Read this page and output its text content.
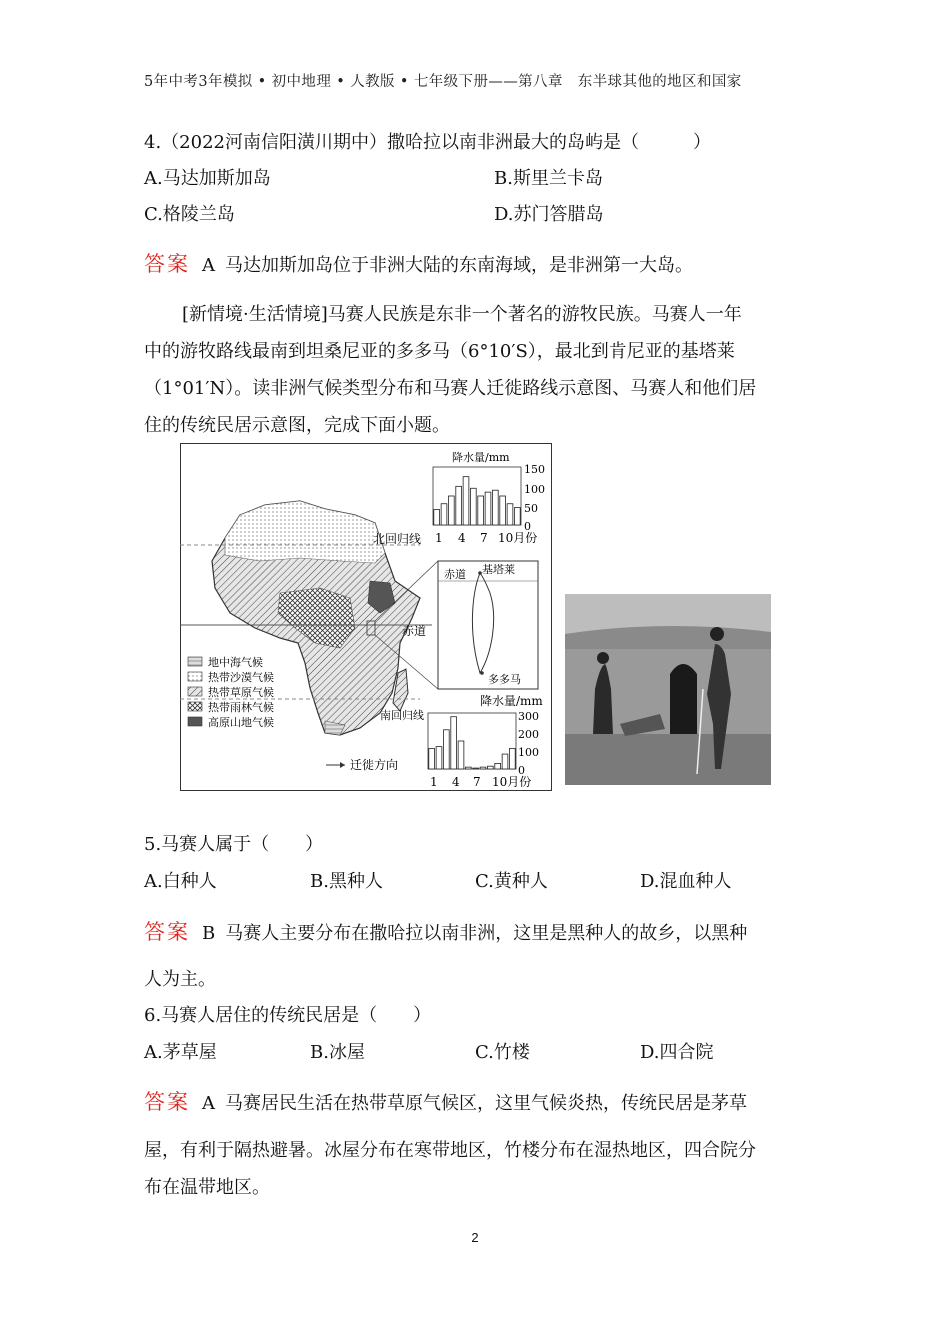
5年中考3年模拟 • 初中地理 • 人教版 • 七年级下册——第八章　东半球其他的地区和国家
4.（2022河南信阳潢川期中）撒哈拉以南非洲最大的岛屿是（　　　）
A.马达加斯加岛	B.斯里兰卡岛
C.格陵兰岛	D.苏门答腊岛
答案 A 马达加斯加岛位于非洲大陆的东南海域，是非洲第一大岛。
[新情境·生活情境]马赛人民族是东非一个著名的游牧民族。马赛人一年
中的游牧路线最南到坦桑尼亚的多多马（6°10′S），最北到肯尼亚的基塔莱
（1°01′N）。读非洲气候类型分布和马赛人迁徙路线示意图、马赛人和他们居
住的传统民居示意图，完成下面小题。
北回归线
赤道
南回归线
赤道 基塔莱
多多马
地中海气候
热带沙漠气候
热带草原气候
热带雨林气候
高原山地气候
迁徙方向
降水量/mm
150
100
50
0
1 4 7 10月份
降水量/mm
300
200
100
0
1 4 7 10月份
5.马赛人属于（　　）
A.白种人	B.黑种人	C.黄种人	D.混血种人
答案 B 马赛人主要分布在撒哈拉以南非洲，这里是黑种人的故乡，以黑种
人为主。
6.马赛人居住的传统民居是（　　）
A.茅草屋	B.冰屋	C.竹楼	D.四合院
答案 A 马赛居民生活在热带草原气候区，这里气候炎热，传统民居是茅草
屋，有利于隔热避暑。冰屋分布在寒带地区，竹楼分布在湿热地区，四合院分
布在温带地区。
2
